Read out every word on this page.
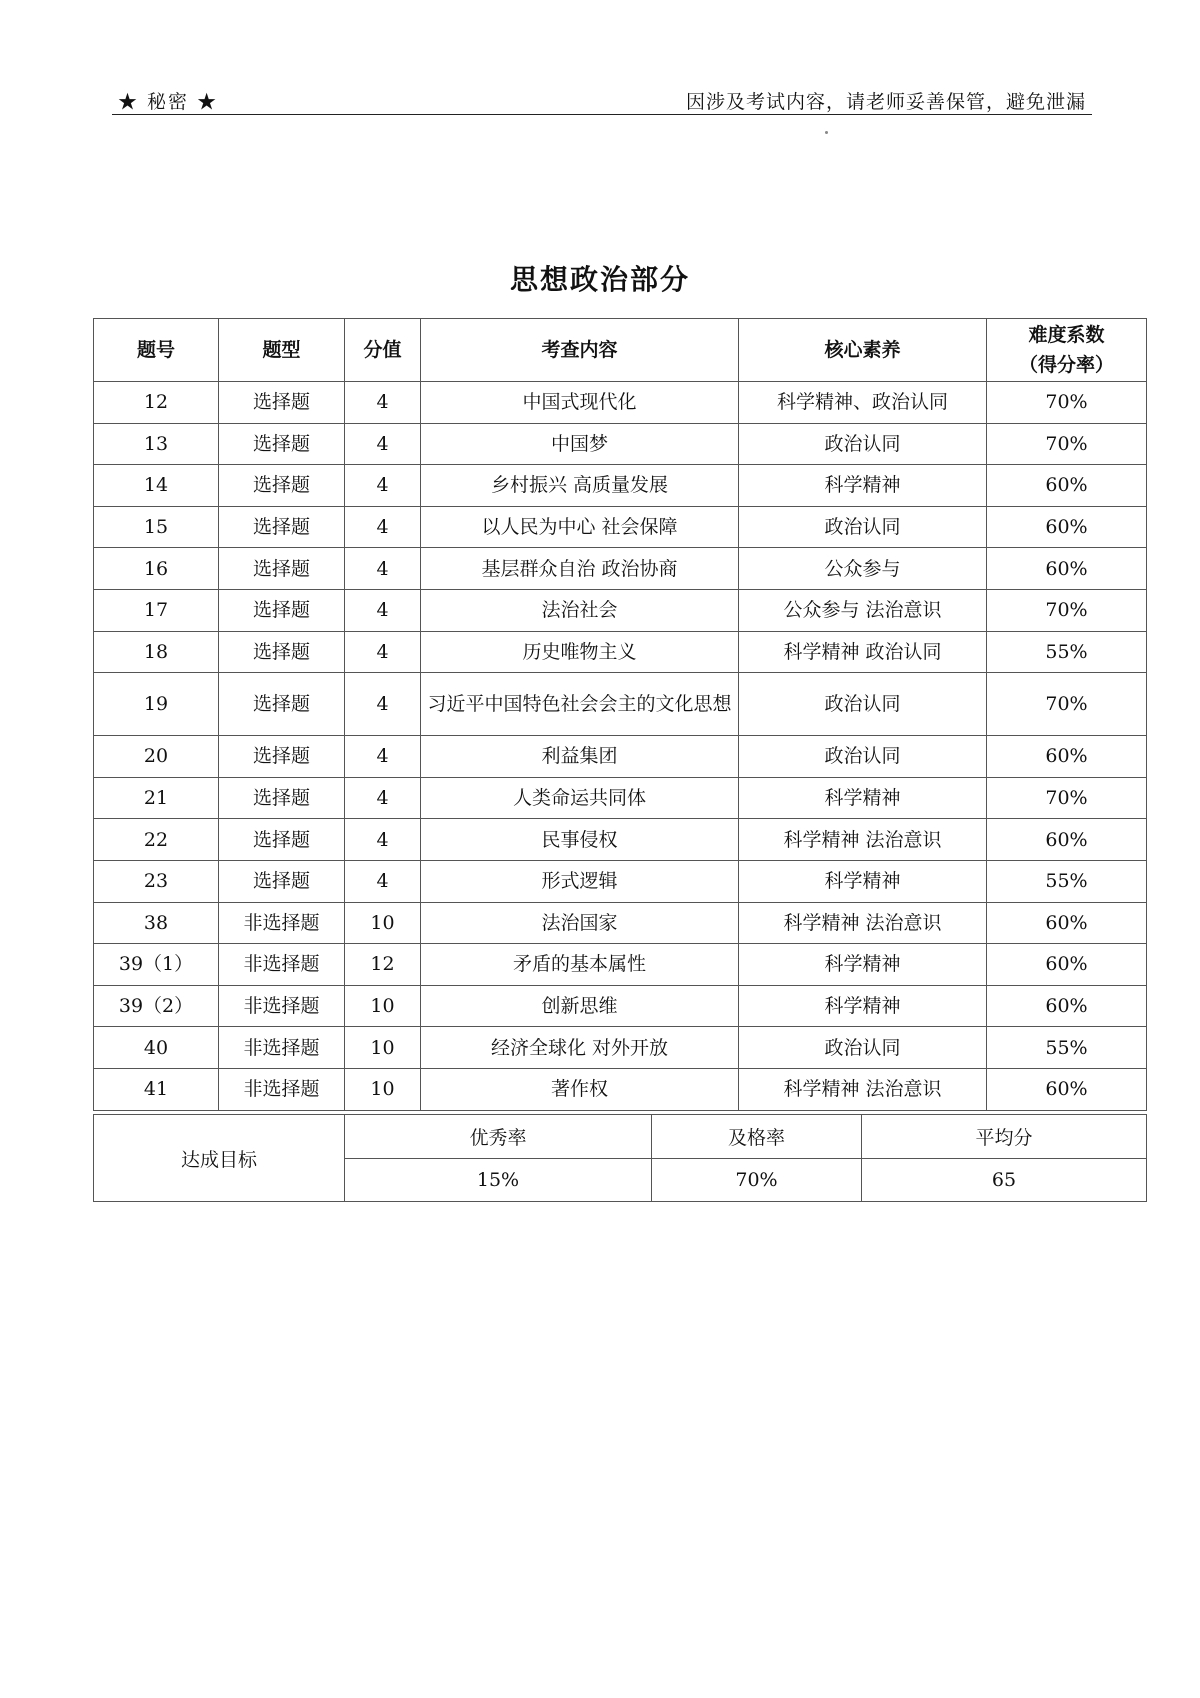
★ 秘密 ★	因涉及考试内容，请老师妥善保管，避免泄漏
思想政治部分
题号	题型	分值	考查内容	核心素养	难度系数
（得分率）
12	选择题	4	中国式现代化	科学精神、政治认同	70%
13	选择题	4	中国梦	政治认同	70%
14	选择题	4	乡村振兴 高质量发展	科学精神	60%
15	选择题	4	以人民为中心 社会保障	政治认同	60%
16	选择题	4	基层群众自治 政治协商	公众参与	60%
17	选择题	4	法治社会	公众参与 法治意识	70%
18	选择题	4	历史唯物主义	科学精神 政治认同	55%
19	选择题	4	习近平中国特色社会会主的文化思想	政治认同	70%
20	选择题	4	利益集团	政治认同	60%
21	选择题	4	人类命运共同体	科学精神	70%
22	选择题	4	民事侵权	科学精神 法治意识	60%
23	选择题	4	形式逻辑	科学精神	55%
38	非选择题	10	法治国家	科学精神 法治意识	60%
39（1）	非选择题	12	矛盾的基本属性	科学精神	60%
39（2）	非选择题	10	创新思维	科学精神	60%
40	非选择题	10	经济全球化 对外开放	政治认同	55%
41	非选择题	10	著作权	科学精神 法治意识	60%
达成目标	优秀率	及格率	平均分
	15%	70%	65
